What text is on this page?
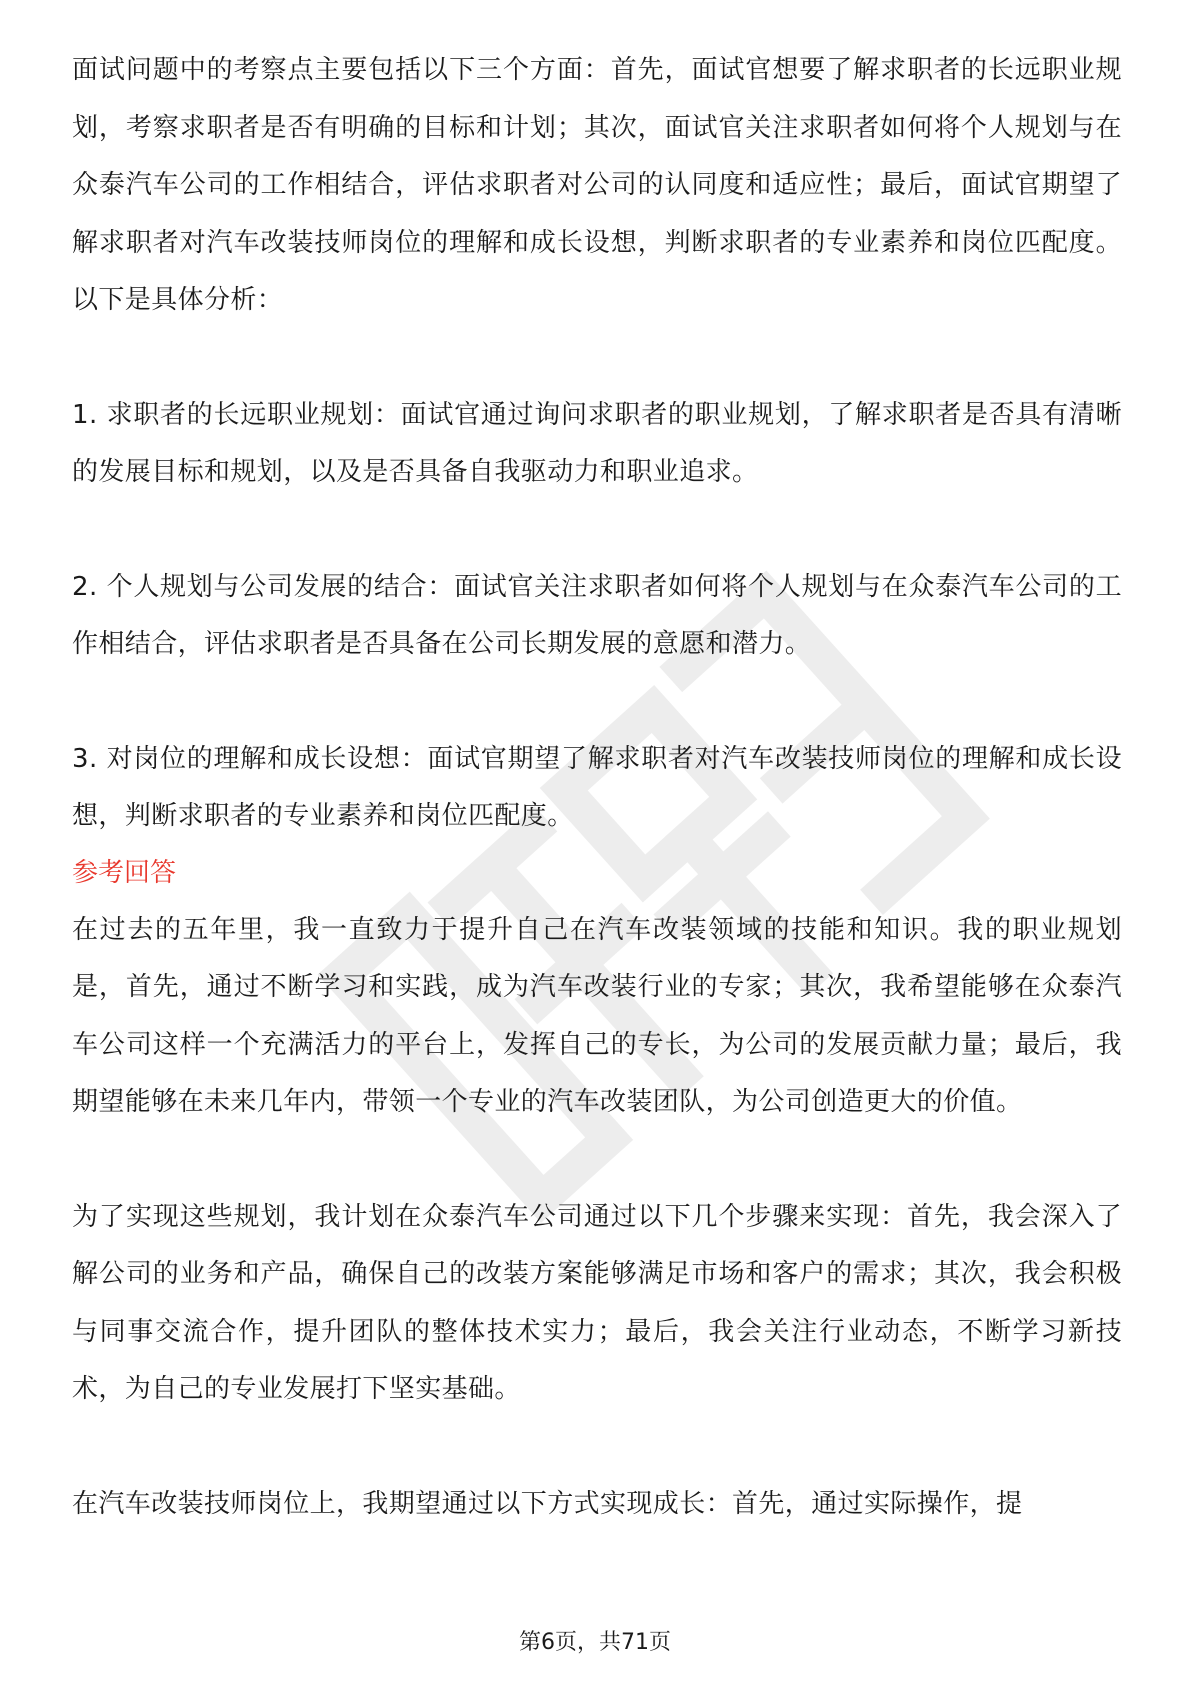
面试问题中的考察点主要包括以下三个方面：首先，面试官想要了解求职者的长远职业规划，考察求职者是否有明确的目标和计划；其次，面试官关注求职者如何将个人规划与在众泰汽车公司的工作相结合，评估求职者对公司的认同度和适应性；最后，面试官期望了解求职者对汽车改装技师岗位的理解和成长设想，判断求职者的专业素养和岗位匹配度。以下是具体分析：

1. 求职者的长远职业规划：面试官通过询问求职者的职业规划，了解求职者是否具有清晰的发展目标和规划，以及是否具备自我驱动力和职业追求。

2. 个人规划与公司发展的结合：面试官关注求职者如何将个人规划与在众泰汽车公司的工作相结合，评估求职者是否具备在公司长期发展的意愿和潜力。

3. 对岗位的理解和成长设想：面试官期望了解求职者对汽车改装技师岗位的理解和成长设想，判断求职者的专业素养和岗位匹配度。

参考回答

在过去的五年里，我一直致力于提升自己在汽车改装领域的技能和知识。我的职业规划是，首先，通过不断学习和实践，成为汽车改装行业的专家；其次，我希望能够在众泰汽车公司这样一个充满活力的平台上，发挥自己的专长，为公司的发展贡献力量；最后，我期望能够在未来几年内，带领一个专业的汽车改装团队，为公司创造更大的价值。

为了实现这些规划，我计划在众泰汽车公司通过以下几个步骤来实现：首先，我会深入了解公司的业务和产品，确保自己的改装方案能够满足市场和客户的需求；其次，我会积极与同事交流合作，提升团队的整体技术实力；最后，我会关注行业动态，不断学习新技术，为自己的专业发展打下坚实基础。

在汽车改装技师岗位上，我期望通过以下方式实现成长：首先，通过实际操作，提

第6页，共71页
